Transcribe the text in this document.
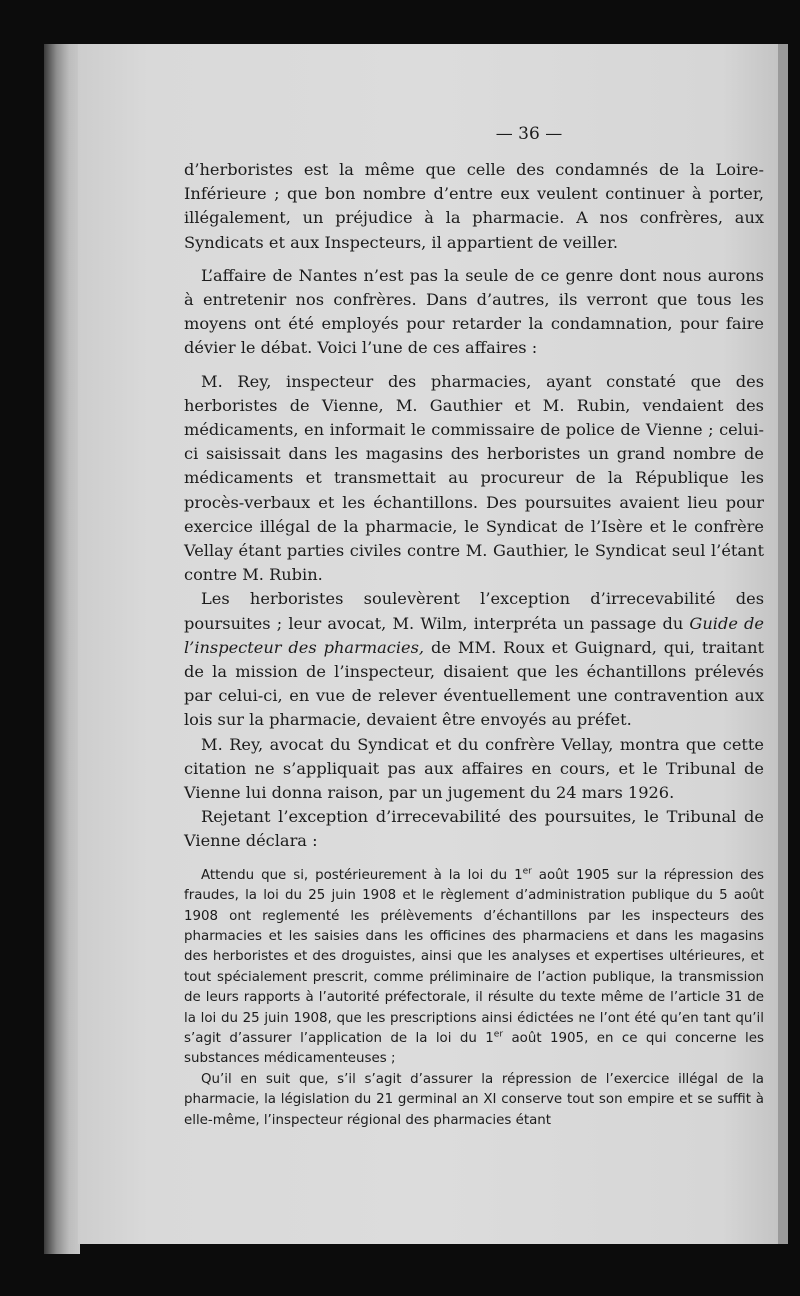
— 36 —

d’herboristes est la même que celle des condamnés de la Loire-Inférieure ; que bon nombre d’entre eux veulent continuer à porter, illégalement, un préjudice à la pharmacie. A nos confrères, aux Syndicats et aux Inspecteurs, il appartient de veiller.

L’affaire de Nantes n’est pas la seule de ce genre dont nous aurons à entretenir nos confrères. Dans d’autres, ils verront que tous les moyens ont été employés pour retarder la condamnation, pour faire dévier le débat. Voici l’une de ces affaires :

M. Rey, inspecteur des pharmacies, ayant constaté que des herboristes de Vienne, M. Gauthier et M. Rubin, vendaient des médicaments, en informait le commissaire de police de Vienne ; celui-ci saisissait dans les magasins des herboristes un grand nombre de médicaments et transmettait au procureur de la République les procès-verbaux et les échantillons. Des poursuites avaient lieu pour exercice illégal de la pharmacie, le Syndicat de l’Isère et le confrère Vellay étant parties civiles contre M. Gauthier, le Syndicat seul l’étant contre M. Rubin.

Les herboristes soulevèrent l’exception d’irrecevabilité des poursuites ; leur avocat, M. Wilm, interpréta un passage du Guide de l’inspecteur des pharmacies, de MM. Roux et Guignard, qui, traitant de la mission de l’inspecteur, disaient que les échantillons prélevés par celui-ci, en vue de relever éventuellement une contravention aux lois sur la pharmacie, devaient être envoyés au préfet.

M. Rey, avocat du Syndicat et du confrère Vellay, montra que cette citation ne s’appliquait pas aux affaires en cours, et le Tribunal de Vienne lui donna raison, par un jugement du 24 mars 1926.

Rejetant l’exception d’irrecevabilité des poursuites, le Tribunal de Vienne déclara :

Attendu que si, postérieurement à la loi du 1er août 1905 sur la répression des fraudes, la loi du 25 juin 1908 et le règlement d’administration publique du 5 août 1908 ont reglementé les prélèvements d’échantillons par les inspecteurs des pharmacies et les saisies dans les officines des pharmaciens et dans les magasins des herboristes et des droguistes, ainsi que les analyses et expertises ultérieures, et tout spécialement prescrit, comme préliminaire de l’action publique, la transmission de leurs rapports à l’autorité préfectorale, il résulte du texte même de l’article 31 de la loi du 25 juin 1908, que les prescriptions ainsi édictées ne l’ont été qu’en tant qu’il s’agit d’assurer l’application de la loi du 1er août 1905, en ce qui concerne les substances médicamenteuses ;

Qu’il en suit que, s’il s’agit d’assurer la répression de l’exercice illégal de la pharmacie, la législation du 21 germinal an XI conserve tout son empire et se suffit à elle-même, l’inspecteur régional des pharmacies étant
